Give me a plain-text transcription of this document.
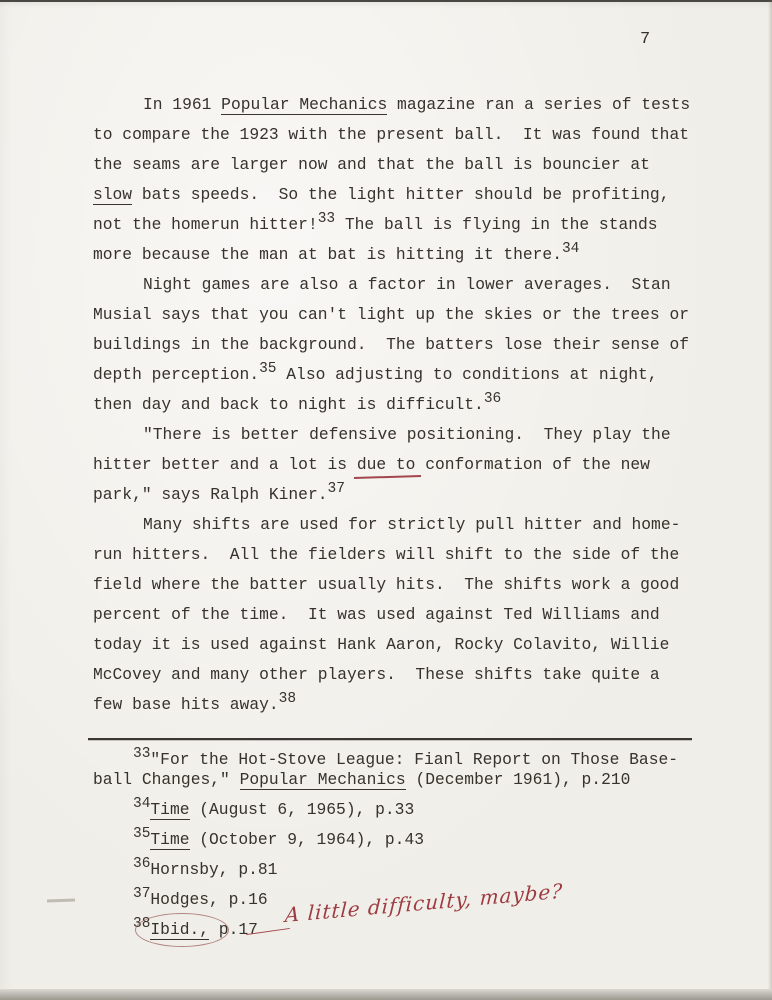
7
In 1961 Popular Mechanics magazine ran a series of tests
to compare the 1923 with the present ball.  It was found that
the seams are larger now and that the ball is bouncier at
slow bats speeds.  So the light hitter should be profiting,
not the homerun hitter!33 The ball is flying in the stands
more because the man at bat is hitting it there.34
Night games are also a factor in lower averages.  Stan
Musial says that you can't light up the skies or the trees or
buildings in the background.  The batters lose their sense of
depth perception.35 Also adjusting to conditions at night,
then day and back to night is difficult.36
"There is better defensive positioning.  They play the
hitter better and a lot is due to conformation of the new
park," says Ralph Kiner.37
Many shifts are used for strictly pull hitter and home-
run hitters.  All the fielders will shift to the side of the
field where the batter usually hits.  The shifts work a good
percent of the time.  It was used against Ted Williams and
today it is used against Hank Aaron, Rocky Colavito, Willie
McCovey and many other players.  These shifts take quite a
few base hits away.38
33"For the Hot-Stove League: Fianl Report on Those Base-
ball Changes," Popular Mechanics (December 1961), p.210
34Time (August 6, 1965), p.33
35Time (October 9, 1964), p.43
36Hornsby, p.81
37Hodges, p.16
38Ibid., p.17
A little difficulty, maybe?
